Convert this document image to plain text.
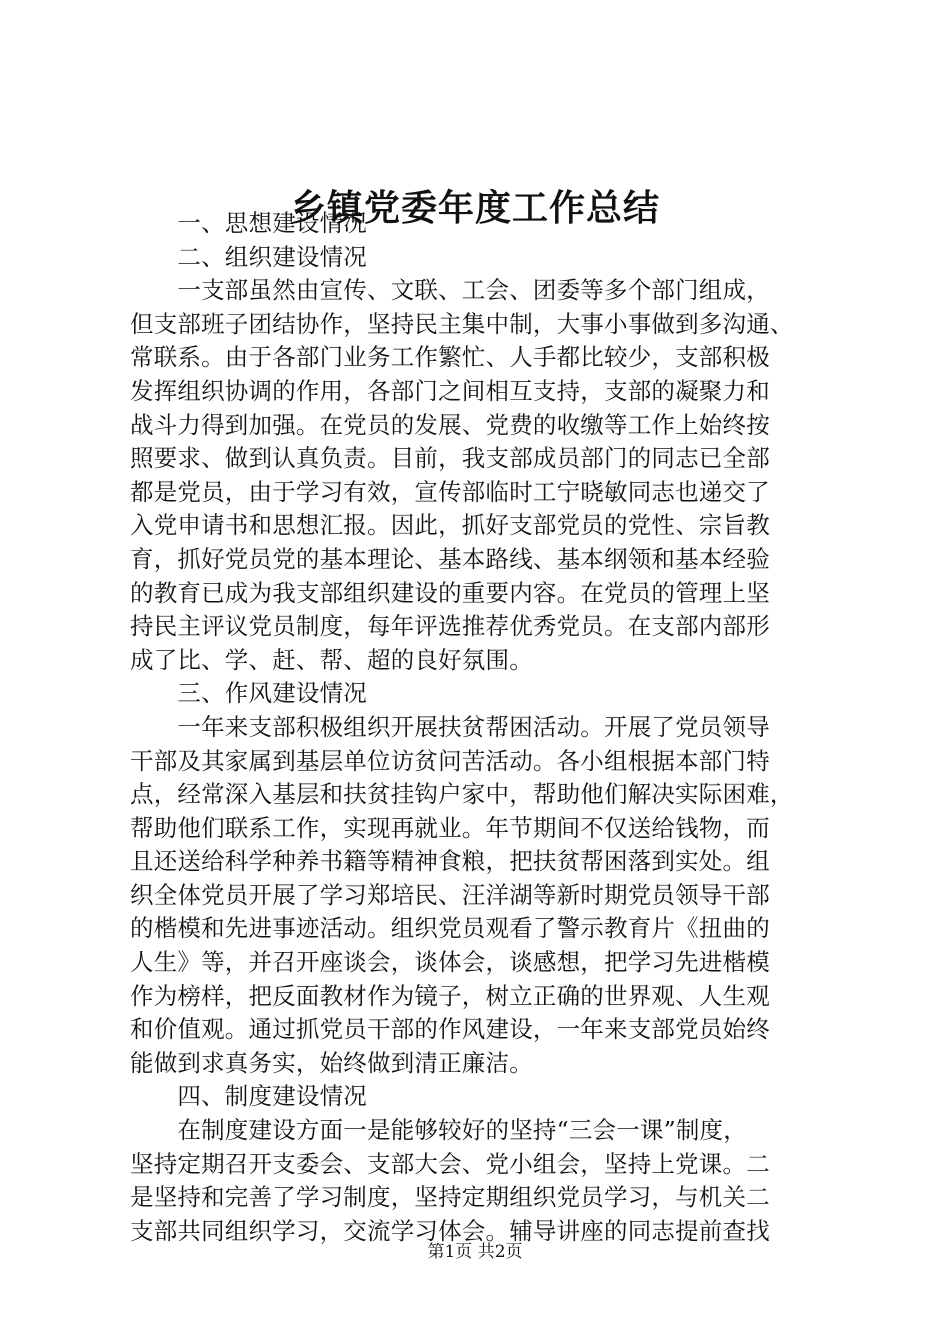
乡镇党委年度工作总结
　　一、思想建设情况
　　二、组织建设情况
　　一支部虽然由宣传、文联、工会、团委等多个部门组成，
但支部班子团结协作，坚持民主集中制，大事小事做到多沟通、
常联系。由于各部门业务工作繁忙、人手都比较少，支部积极
发挥组织协调的作用，各部门之间相互支持，支部的凝聚力和
战斗力得到加强。在党员的发展、党费的收缴等工作上始终按
照要求、做到认真负责。目前，我支部成员部门的同志已全部
都是党员，由于学习有效，宣传部临时工宁晓敏同志也递交了
入党申请书和思想汇报。因此，抓好支部党员的党性、宗旨教
育，抓好党员党的基本理论、基本路线、基本纲领和基本经验
的教育已成为我支部组织建设的重要内容。在党员的管理上坚
持民主评议党员制度，每年评选推荐优秀党员。在支部内部形
成了比、学、赶、帮、超的良好氛围。
　　三、作风建设情况
　　一年来支部积极组织开展扶贫帮困活动。开展了党员领导
干部及其家属到基层单位访贫问苦活动。各小组根据本部门特
点，经常深入基层和扶贫挂钩户家中，帮助他们解决实际困难，
帮助他们联系工作，实现再就业。年节期间不仅送给钱物，而
且还送给科学种养书籍等精神食粮，把扶贫帮困落到实处。组
织全体党员开展了学习郑培民、汪洋湖等新时期党员领导干部
的楷模和先进事迹活动。组织党员观看了警示教育片《扭曲的
人生》等，并召开座谈会，谈体会，谈感想，把学习先进楷模
作为榜样，把反面教材作为镜子，树立正确的世界观、人生观
和价值观。通过抓党员干部的作风建设，一年来支部党员始终
能做到求真务实，始终做到清正廉洁。
　　四、制度建设情况
　　在制度建设方面一是能够较好的坚持“三会一课”制度，
坚持定期召开支委会、支部大会、党小组会，坚持上党课。二
是坚持和完善了学习制度，坚持定期组织党员学习，与机关二
支部共同组织学习，交流学习体会。辅导讲座的同志提前查找
第1页 共2页
